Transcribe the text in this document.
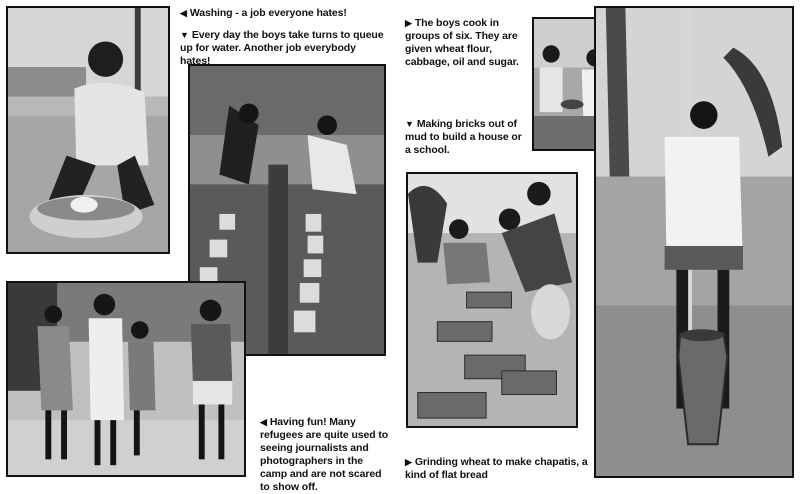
◀ Washing - a job everyone hates!
▼ Every day the boys take turns to queue up for water. Another job everybody hates!
▶ The boys cook in groups of six. They are given wheat flour, cabbage, oil and sugar.
▼ Making bricks out of mud to build a house or a school.
◀ Having fun! Many refugees are quite used to seeing journalists and photographers in the camp and are not scared to show off.
▶ Grinding wheat to make chapatis, a kind of flat bread
